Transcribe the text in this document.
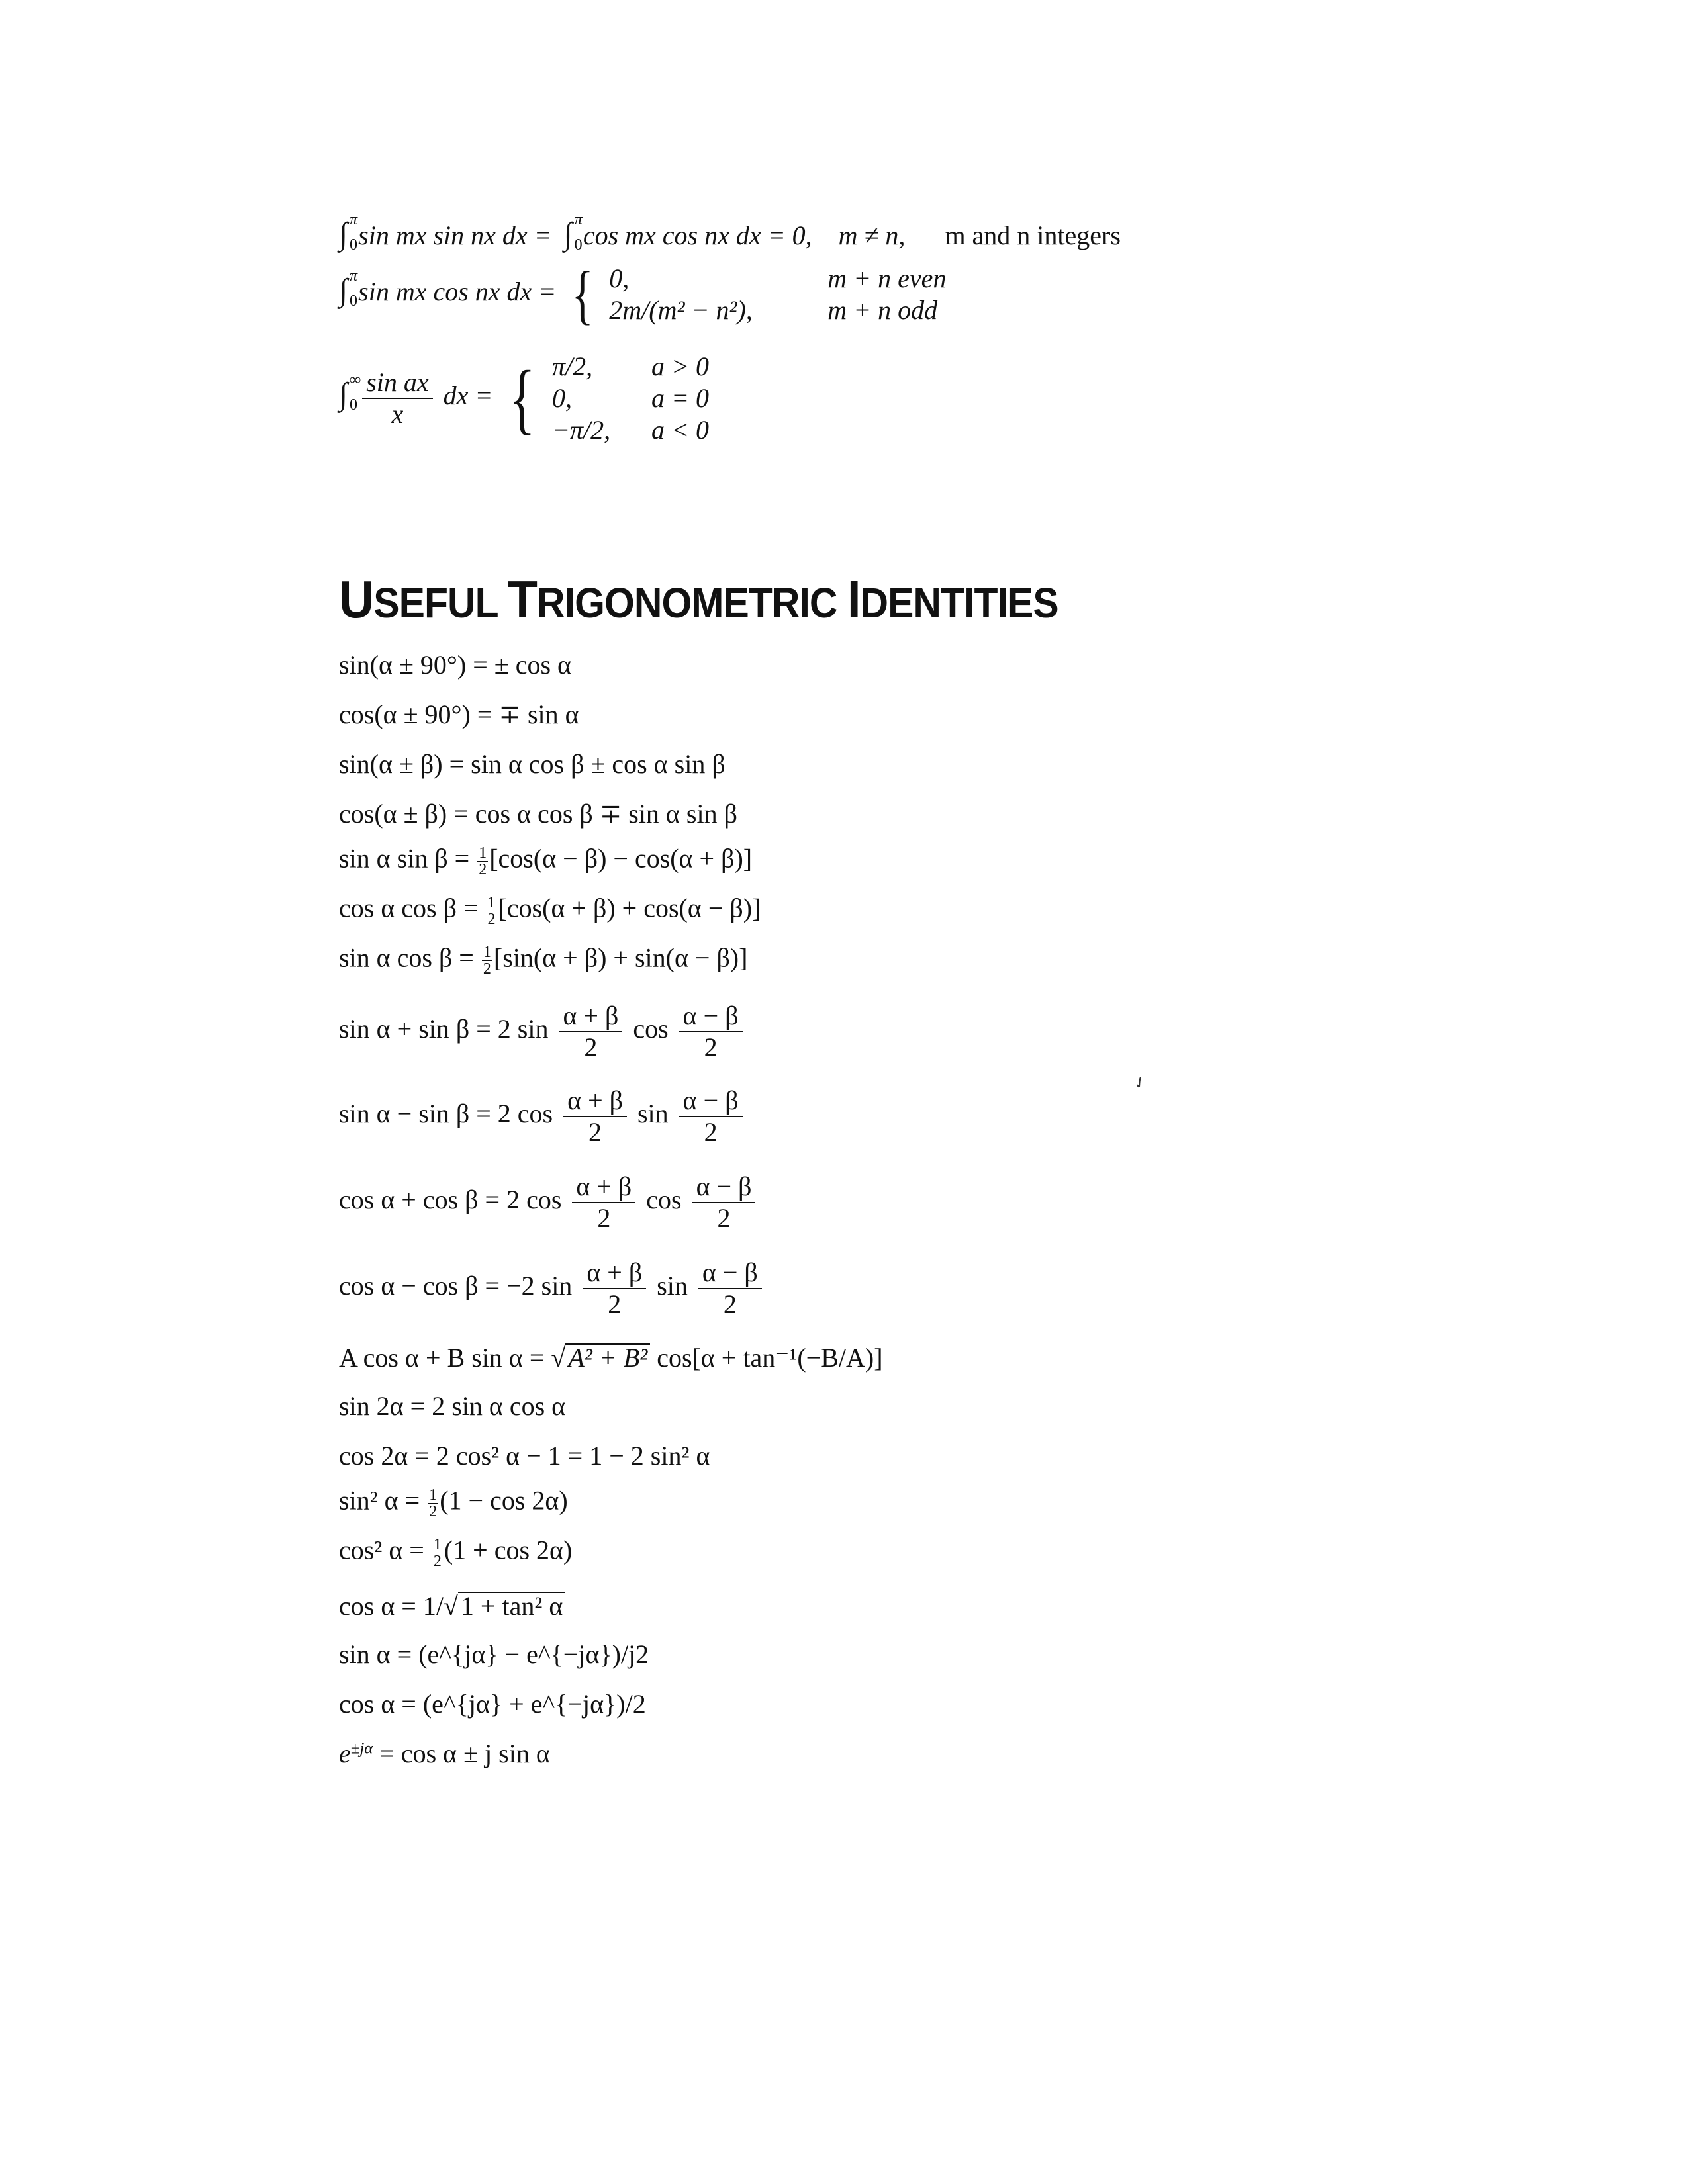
∫ π
0 sin mx sin nx dx = ∫ π
0 cos mx cos nx dx = 0, m ≠ n, m and n integers
∫ π
0 sin mx cos nx dx = { 0,	m + n even
2m/(m² − n²),	m + n odd
∫ ∞
0
$\frac{\text{sin ax}}{x}$ dx = { π/2,	a > 0
0,	a = 0
−π/2,	a < 0
USEFUL TRIGONOMETRIC IDENTITIES
sin(α ± 90°) = ± cos α
cos(α ± 90°) = ∓ sin α
sin(α ± β) = sin α cos β ± cos α sin β
cos(α ± β) = cos α cos β ∓ sin α sin β
sin α $\sin \beta = \frac{1}{2} [\cos(\alpha - \beta) - \cos(\alpha + \beta)]$
cos α $\cos \beta = \frac{1}{2} [\cos(\alpha + \beta) + \cos(\alpha - \beta)]$
sin α $\cos \beta = \frac{1}{2} [\sin(\alpha + \beta) + \sin(\alpha - \beta)]$
sin α + sin β = 2 $\sin \frac{\alpha + \beta}{2}$ $\cos \frac{\alpha - \beta}{2}$
sin α − sin β = 2 $\cos \frac{\alpha + \beta}{2}$ $\sin \frac{\alpha - \beta}{2}$
cos α + cos β = 2 $\cos \frac{\alpha + \beta}{2}$ $\cos \frac{\alpha - \beta}{2}$
cos α − cos β = −2 $\sin \frac{\alpha + \beta}{2}$ $\sin \frac{\alpha - \beta}{2}$
A cos α + B sin α = √ A² + B² cos[α + tan⁻¹(−B/A)]
sin 2α = 2 sin α cos α
cos 2α = 2 cos² α − 1 = 1 − 2 sin² α
sin² $\alpha = \frac{1}{2} (1 - \cos 2\alpha)$
cos² $\alpha = \frac{1}{2} (1 + \cos 2\alpha)$
cos α = 1/√ 1 + tan² α
sin α = (e^{jα} − e^{−jα})/j2
cos α = (e^{jα} + e^{−jα})/2
$e^{\pm j\alpha} = \cos \alpha \pm j$ sin α
✓
